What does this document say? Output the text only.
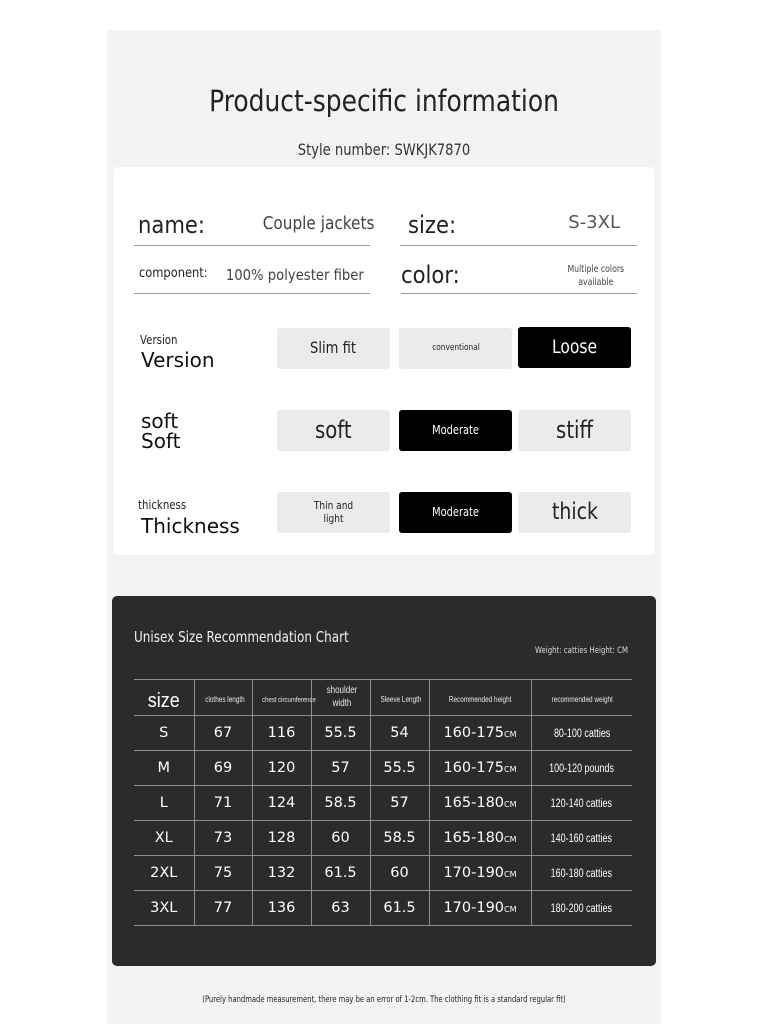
Product-specific information
Style number: SWKJK7870
name:	Couple jackets size:	S-3XL
component: 100% polyester fiber color:	Multiple colors
available
Version
Version
Slim fit	conventional	Loose
soft
Soft	soft	Moderate	stiff
thickness
Thickness
Thin and light	Moderate	thick
Unisex Size Recommendation Chart
Weight: catties Height: CM
size	clothes length	chest circumference	shoulder width	Sleeve Length	Recommended height	recommended weight
S	67	116	55.5	54	160-175CM	80-100 catties
M	69	120	57	55.5	160-175CM	100-120 pounds
L	71	124	58.5	57	165-180CM	120-140 catties
XL	73	128	60	58.5	165-180CM	140-160 catties
2XL	75	132	61.5	60	170-190CM	160-180 catties
3XL	77	136	63	61.5	170-190CM	180-200 catties
(Purely handmade measurement, there may be an error of 1-2cm. The clothing fit is a standard regular fit)
